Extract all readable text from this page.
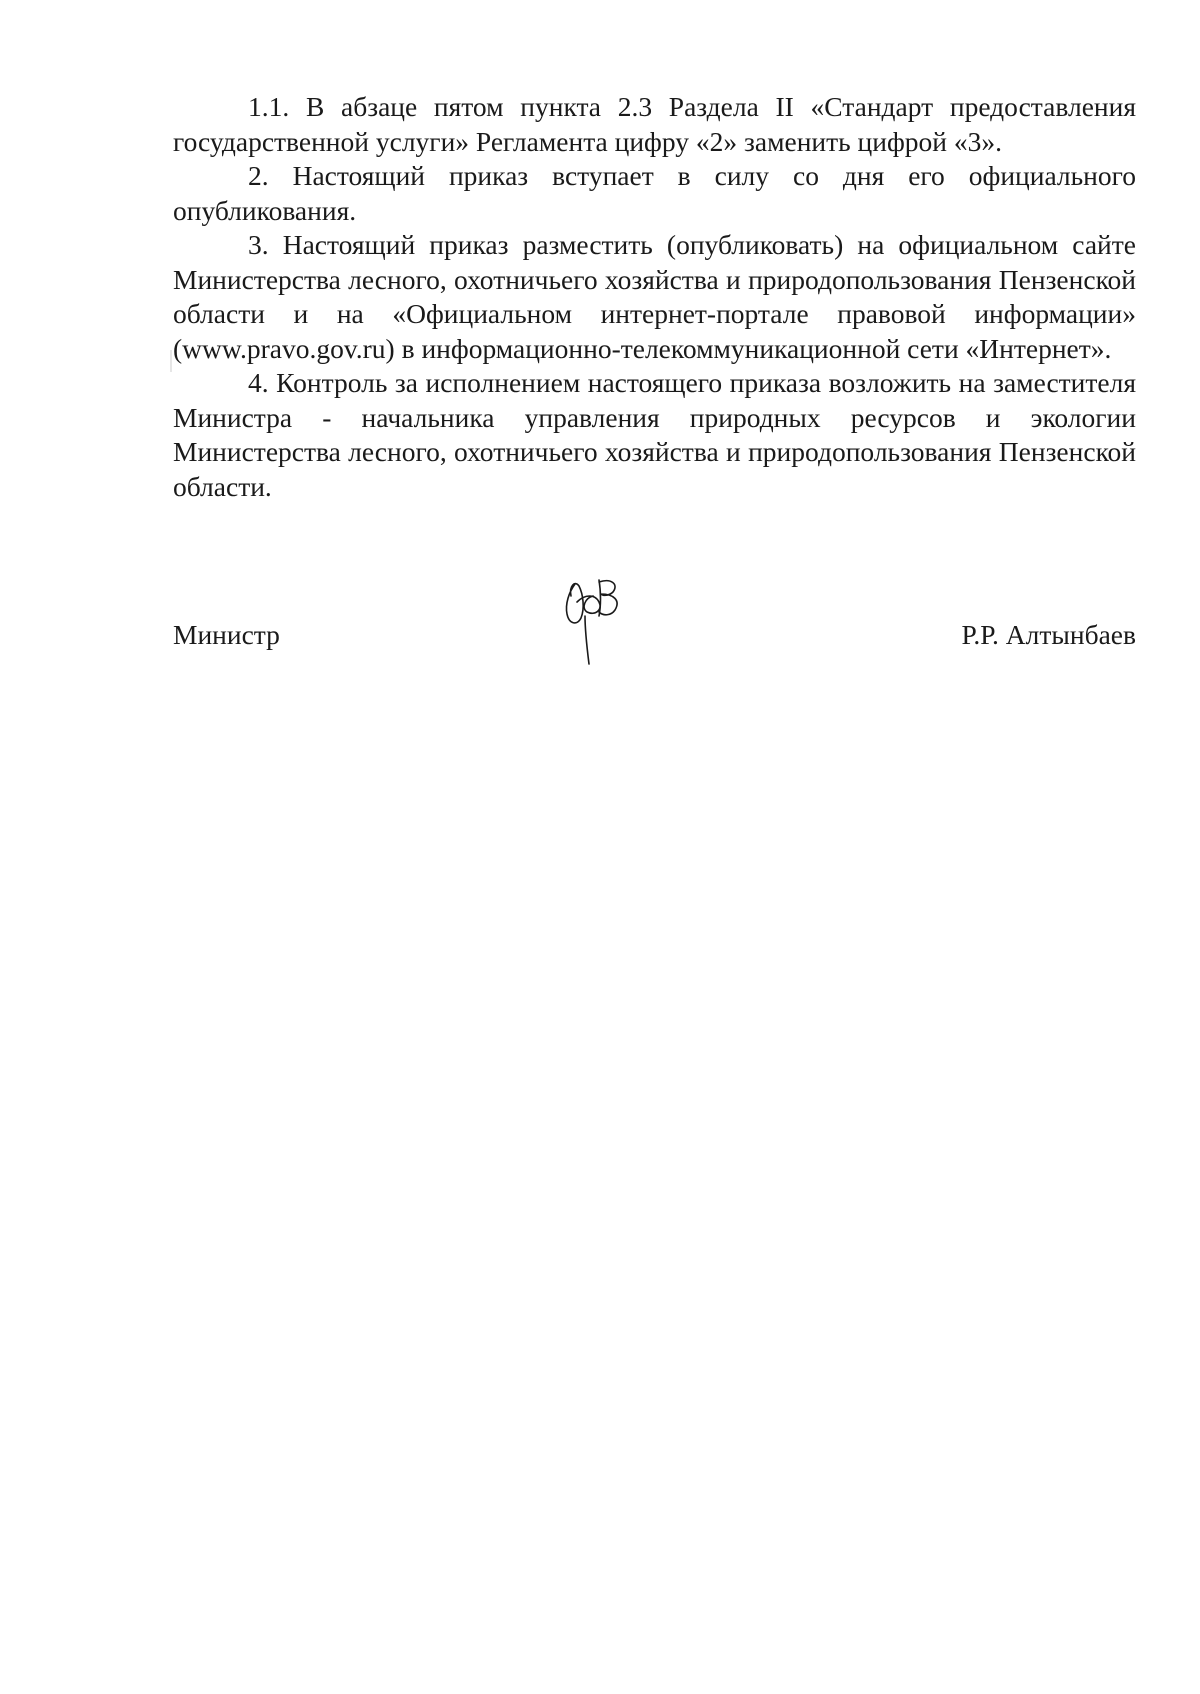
1.1. В абзаце пятом пункта 2.3 Раздела II «Стандарт предоставления государственной услуги» Регламента цифру «2» заменить цифрой «3».

2. Настоящий приказ вступает в силу со дня его официального опубликования.

3. Настоящий приказ разместить (опубликовать) на официальном сайте Министерства лесного, охотничьего хозяйства и природопользования Пензенской области и на «Официальном интернет-портале правовой информации» (www.pravo.gov.ru) в информационно-телекоммуникационной сети «Интернет».

4. Контроль за исполнением настоящего приказа возложить на заместителя Министра - начальника управления природных ресурсов и экологии Министерства лесного, охотничьего хозяйства и природопользования Пензенской области.

Министр	Р.Р. Алтынбаев
